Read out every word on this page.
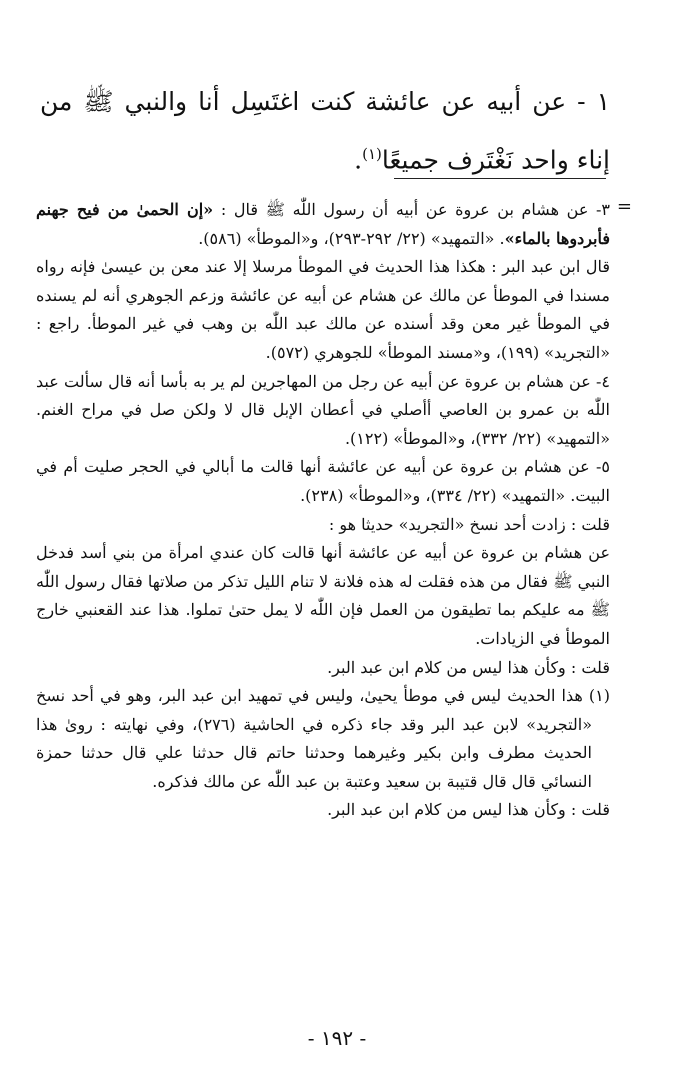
١ - عن أبيه عن عائشة كنت اغتَسِل أنا والنبي ﷺ من إناء واحد نَغْتَرف جميعًا$^{(١)}$.

=

٣- عن هشام بن عروة عن أبيه أن رسول اللّٰه ﷺ قال : «إن الحمىٰ من فيح جهنم فأبردوها بالماء». «التمهيد» (٢٢/ ٢٩٢-٢٩٣)، و«الموطأ» (٥٨٦).

قال ابن عبد البر : هكذا هذا الحديث في الموطأ مرسلا إلا عند معن بن عيسىٰ فإنه رواه مسندا في الموطأ عن مالك عن هشام عن أبيه عن عائشة وزعم الجوهري أنه لم يسنده في الموطأ غير معن وقد أسنده عن مالك عبد اللّٰه بن وهب في غير الموطأ. راجع : «التجريد» (١٩٩)، و«مسند الموطأ» للجوهري (٥٧٢).

٤- عن هشام بن عروة عن أبيه عن رجل من المهاجرين لم ير به بأسا أنه قال سألت عبد اللّٰه بن عمرو بن العاصي أأصلي في أعطان الإبل قال لا ولكن صل في مراح الغنم. «التمهيد» (٢٢/ ٣٣٢)، و«الموطأ» (١٢٢).

٥- عن هشام بن عروة عن أبيه عن عائشة أنها قالت ما أبالي في الحجر صليت أم في البيت. «التمهيد» (٢٢/ ٣٣٤)، و«الموطأ» (٢٣٨).

قلت : زادت أحد نسخ «التجريد» حديثا هو :

عن هشام بن عروة عن أبيه عن عائشة أنها قالت كان عندي امرأة من بني أسد فدخل النبي ﷺ فقال من هذه فقلت له هذه فلانة لا تنام الليل تذكر من صلاتها فقال رسول اللّٰه ﷺ مه عليكم بما تطيقون من العمل فإن اللّٰه لا يمل حتىٰ تملوا. هذا عند القعنبي خارج الموطأ في الزيادات.

قلت : وكأن هذا ليس من كلام ابن عبد البر.

(١) هذا الحديث ليس في موطأ يحيىٰ، وليس في تمهيد ابن عبد البر، وهو في أحد نسخ «التجريد» لابن عبد البر وقد جاء ذكره في الحاشية (٢٧٦)، وفي نهايته : روىٰ هذا الحديث مطرف وابن بكير وغيرهما وحدثنا حاتم قال حدثنا علي قال حدثنا حمزة النسائي قال قال قتيبة بن سعيد وعتبة بن عبد اللّٰه عن مالك فذكره.

قلت : وكأن هذا ليس من كلام ابن عبد البر.

- ١٩٢ -
